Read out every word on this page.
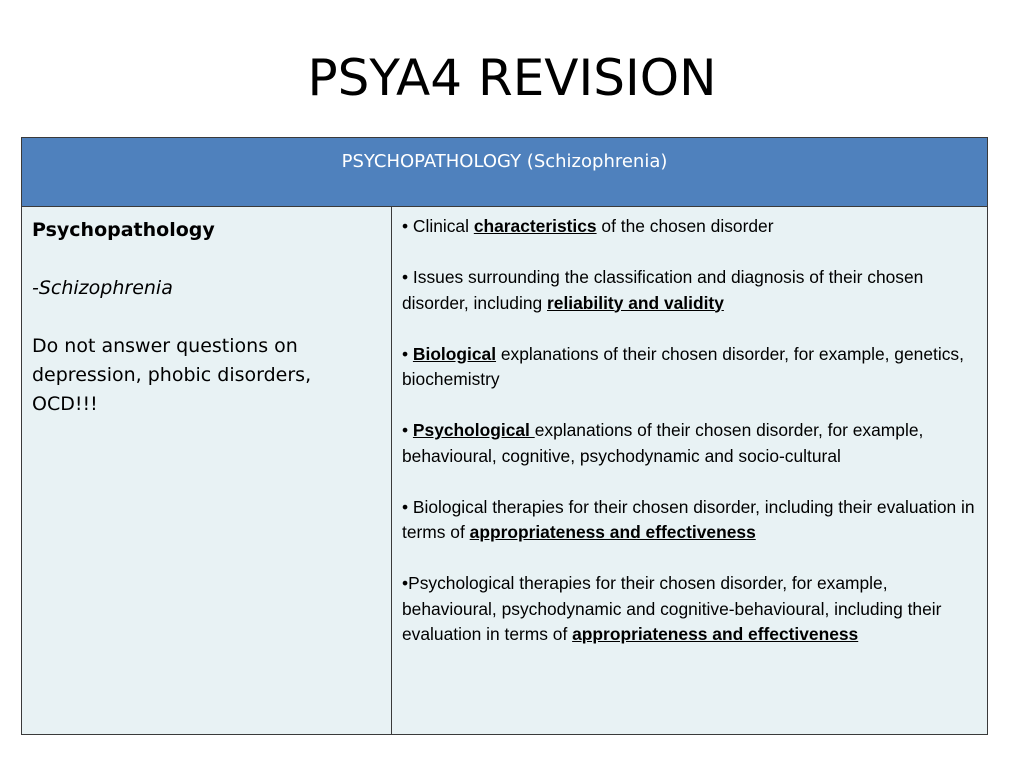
PSYA4 REVISION
PSYCHOPATHOLOGY (Schizophrenia)

Psychopathology

-Schizophrenia

Do not answer questions on depression, phobic disorders, OCD!!!

• Clinical characteristics of the chosen disorder

• Issues surrounding the classification and diagnosis of their chosen disorder, including reliability and validity

• Biological explanations of their chosen disorder, for example, genetics, biochemistry

• Psychological explanations of their chosen disorder, for example, behavioural, cognitive, psychodynamic and socio-cultural

• Biological therapies for their chosen disorder, including their evaluation in terms of appropriateness and effectiveness

•Psychological therapies for their chosen disorder, for example, behavioural, psychodynamic and cognitive-behavioural, including their evaluation in terms of appropriateness and effectiveness
